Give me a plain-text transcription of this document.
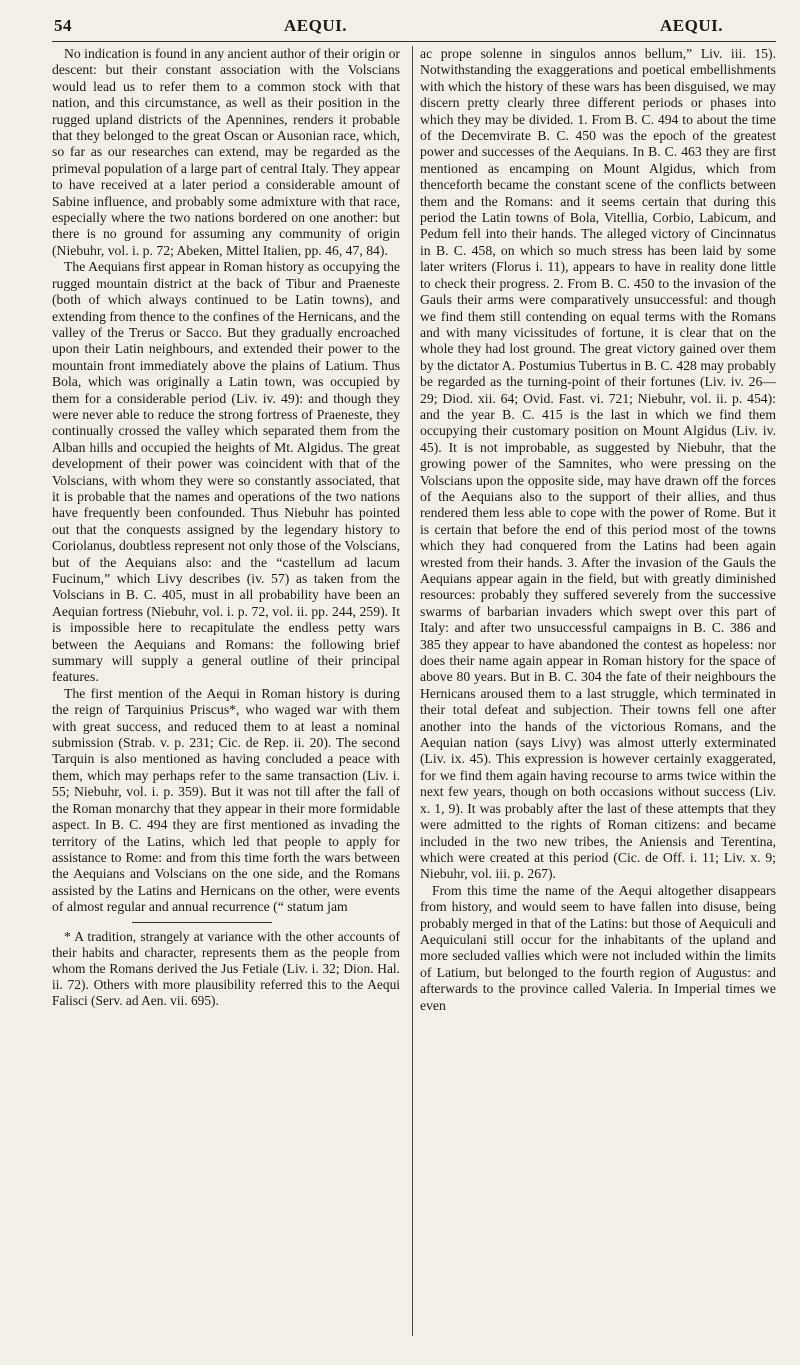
54	AEQUI.	AEQUI.

No indication is found in any ancient author of their origin or descent: but their constant association with the Volscians would lead us to refer them to a common stock with that nation, and this circumstance, as well as their position in the rugged upland districts of the Apennines, renders it probable that they belonged to the great Oscan or Ausonian race, which, so far as our researches can extend, may be regarded as the primeval population of a large part of central Italy. They appear to have received at a later period a considerable amount of Sabine influence, and probably some admixture with that race, especially where the two nations bordered on one another: but there is no ground for assuming any community of origin (Niebuhr, vol. i. p. 72; Abeken, Mittel Italien, pp. 46, 47, 84).

The Aequians first appear in Roman history as occupying the rugged mountain district at the back of Tibur and Praeneste (both of which always continued to be Latin towns), and extending from thence to the confines of the Hernicans, and the valley of the Trerus or Sacco. But they gradually encroached upon their Latin neighbours, and extended their power to the mountain front immediately above the plains of Latium. Thus Bola, which was originally a Latin town, was occupied by them for a considerable period (Liv. iv. 49): and though they were never able to reduce the strong fortress of Praeneste, they continually crossed the valley which separated them from the Alban hills and occupied the heights of Mt. Algidus. The great development of their power was coincident with that of the Volscians, with whom they were so constantly associated, that it is probable that the names and operations of the two nations have frequently been confounded. Thus Niebuhr has pointed out that the conquests assigned by the legendary history to Coriolanus, doubtless represent not only those of the Volscians, but of the Aequians also: and the “castellum ad lacum Fucinum,” which Livy describes (iv. 57) as taken from the Volscians in B. C. 405, must in all probability have been an Aequian fortress (Niebuhr, vol. i. p. 72, vol. ii. pp. 244, 259). It is impossible here to recapitulate the endless petty wars between the Aequians and Romans: the following brief summary will supply a general outline of their principal features.

The first mention of the Aequi in Roman history is during the reign of Tarquinius Priscus*, who waged war with them with great success, and reduced them to at least a nominal submission (Strab. v. p. 231; Cic. de Rep. ii. 20). The second Tarquin is also mentioned as having concluded a peace with them, which may perhaps refer to the same transaction (Liv. i. 55; Niebuhr, vol. i. p. 359). But it was not till after the fall of the Roman monarchy that they appear in their more formidable aspect. In B. C. 494 they are first mentioned as invading the territory of the Latins, which led that people to apply for assistance to Rome: and from this time forth the wars between the Aequians and Volscians on the one side, and the Romans assisted by the Latins and Hernicans on the other, were events of almost regular and annual recurrence (“ statum jam

* A tradition, strangely at variance with the other accounts of their habits and character, represents them as the people from whom the Romans derived the Jus Fetiale (Liv. i. 32; Dion. Hal. ii. 72). Others with more plausibility referred this to the Aequi Falisci (Serv. ad Aen. vii. 695).

ac prope solenne in singulos annos bellum,” Liv. iii. 15). Notwithstanding the exaggerations and poetical embellishments with which the history of these wars has been disguised, we may discern pretty clearly three different periods or phases into which they may be divided. 1. From B. C. 494 to about the time of the Decemvirate B. C. 450 was the epoch of the greatest power and successes of the Aequians. In B. C. 463 they are first mentioned as encamping on Mount Algidus, which from thenceforth became the constant scene of the conflicts between them and the Romans: and it seems certain that during this period the Latin towns of Bola, Vitellia, Corbio, Labicum, and Pedum fell into their hands. The alleged victory of Cincinnatus in B. C. 458, on which so much stress has been laid by some later writers (Florus i. 11), appears to have in reality done little to check their progress. 2. From B. C. 450 to the invasion of the Gauls their arms were comparatively unsuccessful: and though we find them still contending on equal terms with the Romans and with many vicissitudes of fortune, it is clear that on the whole they had lost ground. The great victory gained over them by the dictator A. Postumius Tubertus in B. C. 428 may probably be regarded as the turning-point of their fortunes (Liv. iv. 26—29; Diod. xii. 64; Ovid. Fast. vi. 721; Niebuhr, vol. ii. p. 454): and the year B. C. 415 is the last in which we find them occupying their customary position on Mount Algidus (Liv. iv. 45). It is not improbable, as suggested by Niebuhr, that the growing power of the Samnites, who were pressing on the Volscians upon the opposite side, may have drawn off the forces of the Aequians also to the support of their allies, and thus rendered them less able to cope with the power of Rome. But it is certain that before the end of this period most of the towns which they had conquered from the Latins had been again wrested from their hands. 3. After the invasion of the Gauls the Aequians appear again in the field, but with greatly diminished resources: probably they suffered severely from the successive swarms of barbarian invaders which swept over this part of Italy: and after two unsuccessful campaigns in B. C. 386 and 385 they appear to have abandoned the contest as hopeless: nor does their name again appear in Roman history for the space of above 80 years. But in B. C. 304 the fate of their neighbours the Hernicans aroused them to a last struggle, which terminated in their total defeat and subjection. Their towns fell one after another into the hands of the victorious Romans, and the Aequian nation (says Livy) was almost utterly exterminated (Liv. ix. 45). This expression is however certainly exaggerated, for we find them again having recourse to arms twice within the next few years, though on both occasions without success (Liv. x. 1, 9). It was probably after the last of these attempts that they were admitted to the rights of Roman citizens: and became included in the two new tribes, the Aniensis and Terentina, which were created at this period (Cic. de Off. i. 11; Liv. x. 9; Niebuhr, vol. iii. p. 267).

From this time the name of the Aequi altogether disappears from history, and would seem to have fallen into disuse, being probably merged in that of the Latins: but those of Aequiculi and Aequiculani still occur for the inhabitants of the upland and more secluded vallies which were not included within the limits of Latium, but belonged to the fourth region of Augustus: and afterwards to the province called Valeria. In Imperial times we even
